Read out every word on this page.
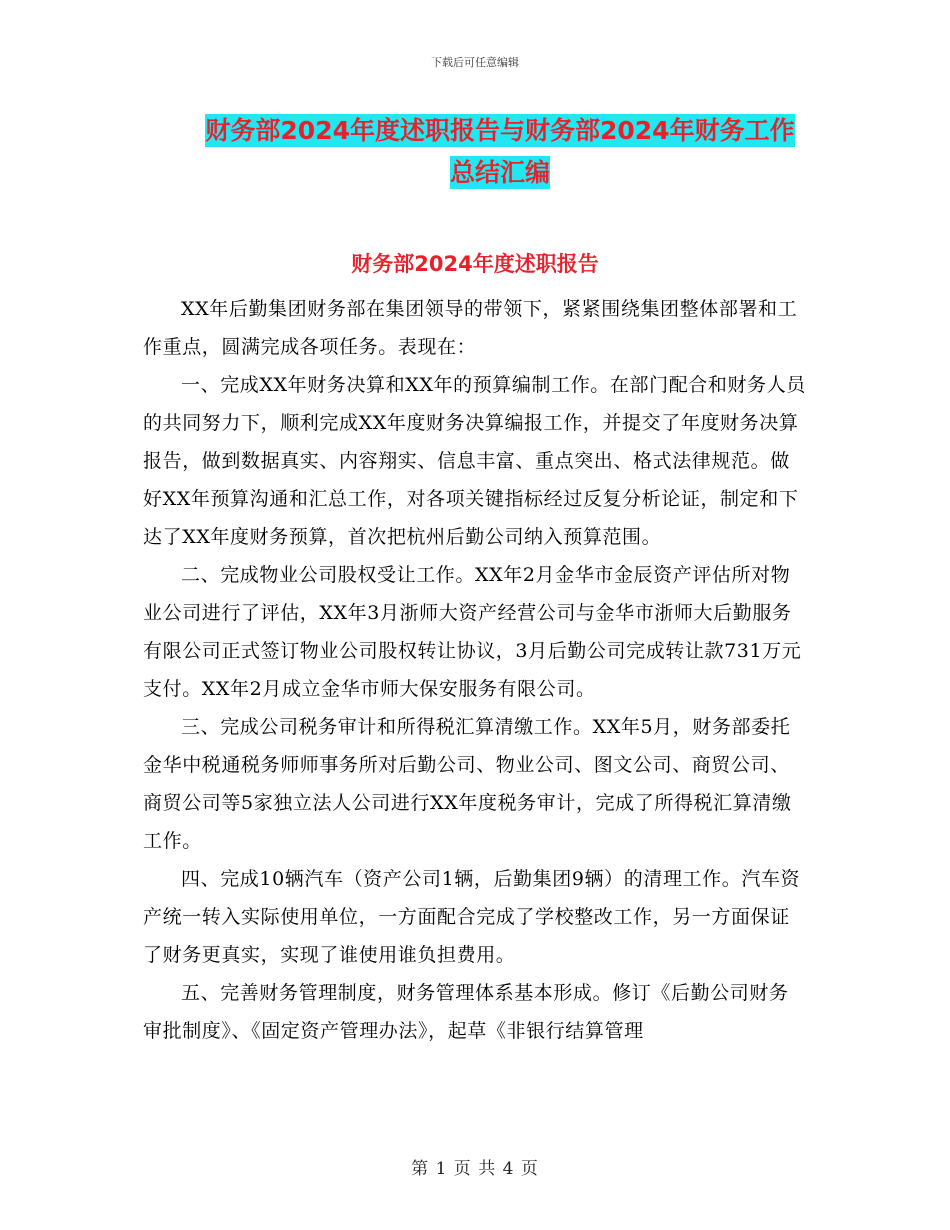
下载后可任意编辑
财务部2024年度述职报告与财务部2024年财务工作
总结汇编
财务部2024年度述职报告

XX年后勤集团财务部在集团领导的带领下，紧紧围绕集团整体部署和工作重点，圆满完成各项任务。表现在：

一、完成XX年财务决算和XX年的预算编制工作。在部门配合和财务人员的共同努力下，顺利完成XX年度财务决算编报工作，并提交了年度财务决算报告，做到数据真实、内容翔实、信息丰富、重点突出、格式法律规范。做好XX年预算沟通和汇总工作，对各项关键指标经过反复分析论证，制定和下达了XX年度财务预算，首次把杭州后勤公司纳入预算范围。

二、完成物业公司股权受让工作。XX年2月金华市金辰资产评估所对物业公司进行了评估，XX年3月浙师大资产经营公司与金华市浙师大后勤服务有限公司正式签订物业公司股权转让协议，3月后勤公司完成转让款731万元支付。XX年2月成立金华市师大保安服务有限公司。

三、完成公司税务审计和所得税汇算清缴工作。XX年5月，财务部委托金华中税通税务师师事务所对后勤公司、物业公司、图文公司、商贸公司、商贸公司等5家独立法人公司进行XX年度税务审计，完成了所得税汇算清缴工作。

四、完成10辆汽车（资产公司1辆，后勤集团9辆）的清理工作。汽车资产统一转入实际使用单位，一方面配合完成了学校整改工作，另一方面保证了财务更真实，实现了谁使用谁负担费用。

五、完善财务管理制度，财务管理体系基本形成。修订《后勤公司财务审批制度》、《固定资产管理办法》，起草《非银行结算管理

第 1 页 共 4 页
